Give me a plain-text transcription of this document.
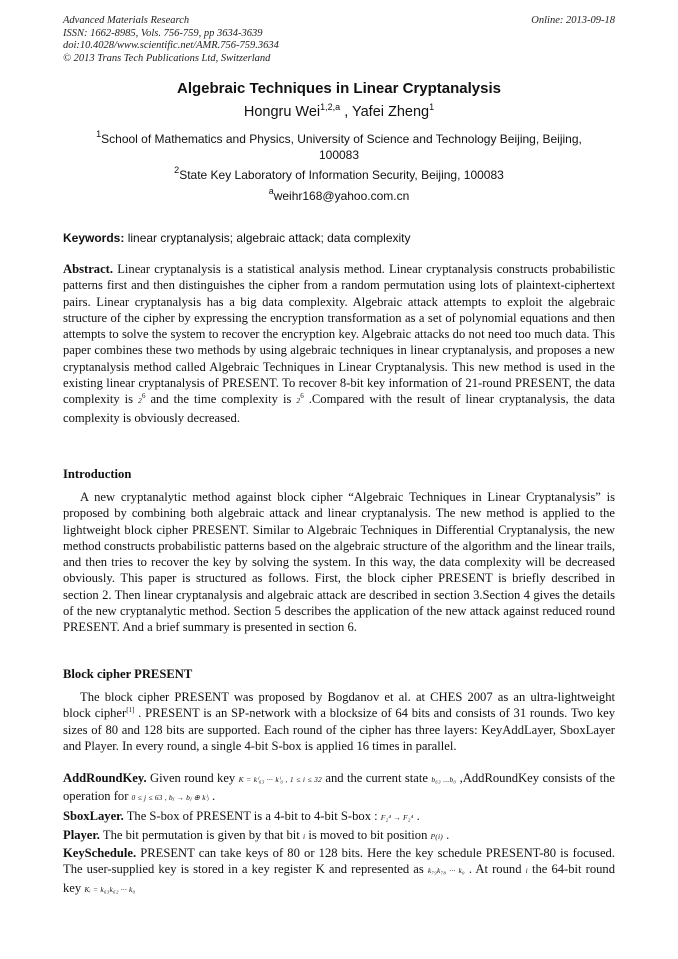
Advanced Materials Research
ISSN: 1662-8985, Vols. 756-759, pp 3634-3639
doi:10.4028/www.scientific.net/AMR.756-759.3634
© 2013 Trans Tech Publications Ltd, Switzerland
Online: 2013-09-18
Algebraic Techniques in Linear Cryptanalysis
Hongru Wei$^{1,2,a}$ , Yafei Zheng$^1$
$^1$School of Mathematics and Physics, University of Science and Technology Beijing, Beijing, 100083
$^2$State Key Laboratory of Information Security, Beijing, 100083
$^a$weihr168@yahoo.com.cn
Keywords: linear cryptanalysis; algebraic attack; data complexity
Abstract. Linear cryptanalysis is a statistical analysis method. Linear cryptanalysis constructs probabilistic patterns first and then distinguishes the cipher from a random permutation using lots of plaintext-ciphertext pairs. Linear cryptanalysis has a big data complexity. Algebraic attack attempts to exploit the algebraic structure of the cipher by expressing the encryption transformation as a set of polynomial equations and then attempts to solve the system to recover the encryption key. Algebraic attacks do not need too much data. This paper combines these two methods by using algebraic techniques in linear cryptanalysis, and proposes a new cryptanalysis method called Algebraic Techniques in Linear Cryptanalysis. This new method is used in the existing linear cryptanalysis of PRESENT. To recover 8-bit key information of 21-round PRESENT, the data complexity is $2^6$ and the time complexity is $2^6$ .Compared with the result of linear cryptanalysis, the data complexity is obviously decreased.
Introduction
A new cryptanalytic method against block cipher “Algebraic Techniques in Linear Cryptanalysis” is proposed by combining both algebraic attack and linear cryptanalysis. The new method is applied to the lightweight block cipher PRESENT. Similar to Algebraic Techniques in Differential Cryptanalysis, the new method constructs probabilistic patterns based on the algebraic structure of the algorithm and the linear trails, and then tries to recover the key by solving the system. In this way, the data complexity will be decreased obviously. This paper is structured as follows. First, the block cipher PRESENT is briefly described in section 2. Then linear cryptanalysis and algebraic attack are described in section 3.Section 4 gives the details of the new cryptanalytic method. Section 5 describes the application of the new attack against reduced round PRESENT. And a brief summary is presented in section 6.
Block cipher PRESENT
The block cipher PRESENT was proposed by Bogdanov et al. at CHES 2007 as an ultra-lightweight block cipher[1] . PRESENT is an SP-network with a blocksize of 64 bits and consists of 31 rounds. Two key sizes of 80 and 128 bits are supported. Each round of the cipher has three layers: KeyAddLayer, SboxLayer and Player. In every round, a single 4-bit S-box is applied 16 times in parallel.
AddRoundKey. Given round key K = kⁱ₆₃ ··· kⁱ₀ , 1 ≤ i ≤ 32 and the current state b₆₃ ...b₀ ,AddRoundKey consists of the operation for 0 ≤ j ≤ 63 , bⱼ → bⱼ ⊕ kⁱⱼ .
SboxLayer. The S-box of PRESENT is a 4-bit to 4-bit S-box : F₂⁴ → F₂⁴ .
Player. The bit permutation is given by that bit i is moved to bit position P(i) .
KeySchedule. PRESENT can take keys of 80 or 128 bits. Here the key schedule PRESENT-80 is focused. The user-supplied key is stored in a key register K and represented as k₇₉k₇₈ ··· k₀ . At round i the 64-bit round key Kᵢ = k₆₃k₆₂ ··· k₀
